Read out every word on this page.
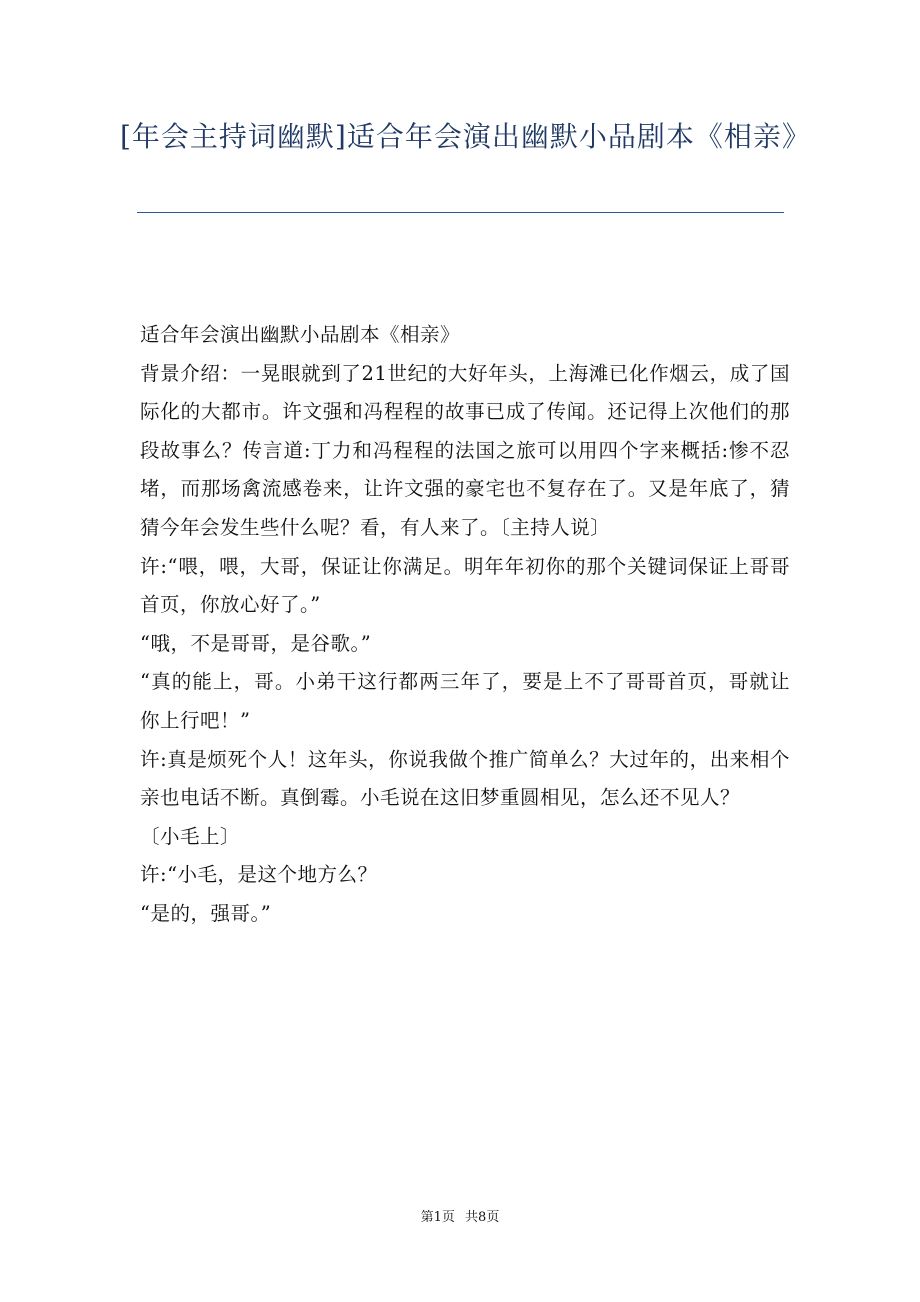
[年会主持词幽默]适合年会演出幽默小品剧本《相亲》

适合年会演出幽默小品剧本《相亲》

背景介绍：一晃眼就到了21世纪的大好年头，上海滩已化作烟云，成了国际化的大都市。许文强和冯程程的故事已成了传闻。还记得上次他们的那段故事么？传言道:丁力和冯程程的法国之旅可以用四个字来概括:惨不忍堵，而那场禽流感卷来，让许文强的豪宅也不复存在了。又是年底了，猜猜今年会发生些什么呢？看，有人来了。〔主持人说〕

许:“喂，喂，大哥，保证让你满足。明年年初你的那个关键词保证上哥哥首页，你放心好了。”

“哦，不是哥哥，是谷歌。”

“真的能上，哥。小弟干这行都两三年了，要是上不了哥哥首页，哥就让你上行吧！”

许:真是烦死个人！这年头，你说我做个推广简单么？大过年的，出来相个亲也电话不断。真倒霉。小毛说在这旧梦重圆相见，怎么还不见人？

〔小毛上〕

许:“小毛，是这个地方么？

“是的，强哥。”

第1页 共8页
